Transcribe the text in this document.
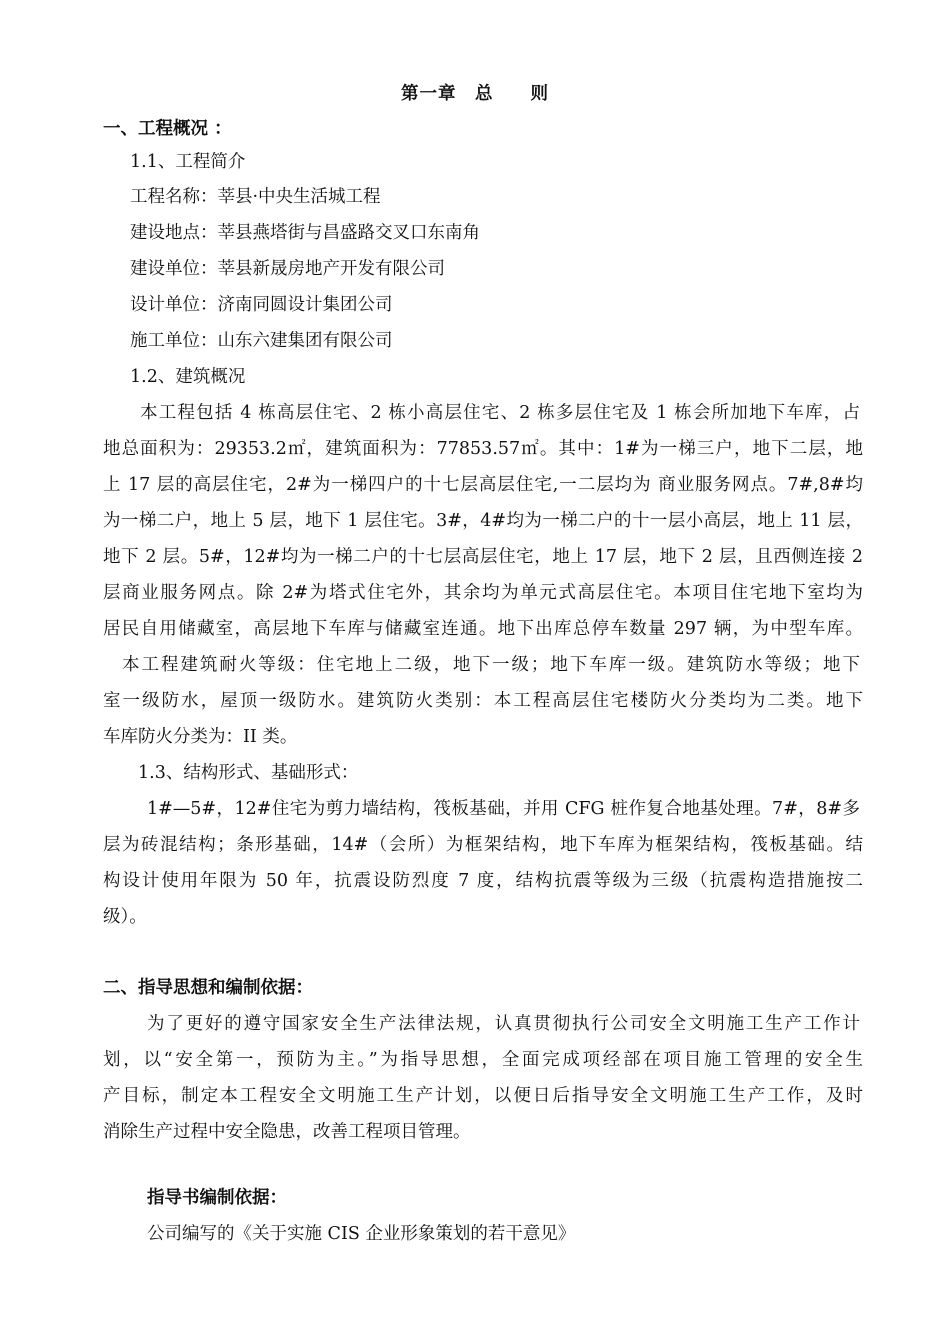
第一章　总　　则
一、工程概况 ：
1.1、工程简介
工程名称：莘县·中央生活城工程
建设地点：莘县燕塔街与昌盛路交叉口东南角
建设单位：莘县新晟房地产开发有限公司
设计单位：济南同圆设计集团公司
施工单位：山东六建集团有限公司
1.2、建筑概况
本工程包括 4 栋高层住宅、2 栋小高层住宅、2 栋多层住宅及 1 栋会所加地下车库，占
地总面积为：29353.2㎡，建筑面积为：77853.57㎡。其中：1#为一梯三户，地下二层，地
上 17 层的高层住宅，2#为一梯四户的十七层高层住宅,一二层均为 商业服务网点。7#,8#均
为一梯二户，地上 5 层，地下 1 层住宅。3#，4#均为一梯二户的十一层小高层，地上 11 层，
地下 2 层。5#，12#均为一梯二户的十七层高层住宅，地上 17 层，地下 2 层，且西侧连接 2
层商业服务网点。除 2#为塔式住宅外，其余均为单元式高层住宅。本项目住宅地下室均为
居民自用储藏室，高层地下车库与储藏室连通。地下出库总停车数量 297 辆，为中型车库。
本工程建筑耐火等级：住宅地上二级，地下一级；地下车库一级。建筑防水等级；地下
室一级防水，屋顶一级防水。建筑防火类别：本工程高层住宅楼防火分类均为二类。地下
车库防火分类为：II 类。
1.3、结构形式、基础形式：
1#—5#，12#住宅为剪力墙结构，筏板基础，并用 CFG 桩作复合地基处理。7#，8#多
层为砖混结构；条形基础，14#（会所）为框架结构，地下车库为框架结构，筏板基础。结
构设计使用年限为 50 年，抗震设防烈度 7 度，结构抗震等级为三级（抗震构造措施按二
级）。
二、指导思想和编制依据：
为了更好的遵守国家安全生产法律法规，认真贯彻执行公司安全文明施工生产工作计
划，以“安全第一，预防为主。”为指导思想，全面完成项经部在项目施工管理的安全生
产目标，制定本工程安全文明施工生产计划，以便日后指导安全文明施工生产工作，及时
消除生产过程中安全隐患，改善工程项目管理。
指导书编制依据：
公司编写的《关于实施 CIS 企业形象策划的若干意见》
